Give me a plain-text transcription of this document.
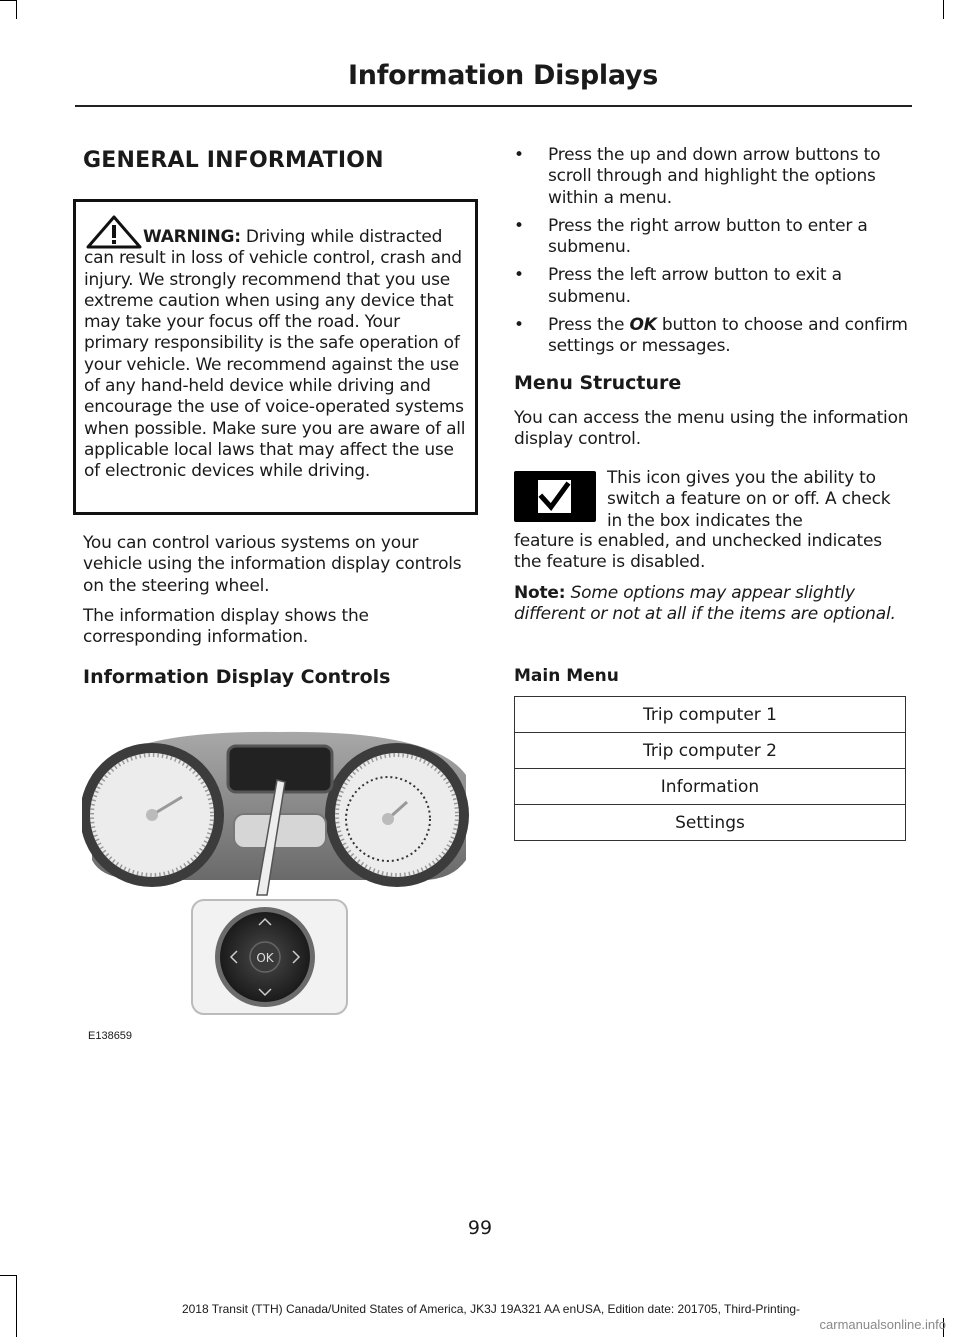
Information Displays
GENERAL INFORMATION
WARNING: Driving while distracted
can result in loss of vehicle control, crash and injury. We strongly recommend that you use extreme caution when using any device that may take your focus off the road. Your primary responsibility is the safe operation of your vehicle. We recommend against the use of any hand-held device while driving and encourage the use of voice-operated systems when possible. Make sure you are aware of all applicable local laws that may affect the use of electronic devices while driving.

You can control various systems on your vehicle using the information display controls on the steering wheel.

The information display shows the corresponding information.

Information Display Controls
OK
E138659
• Press the up and down arrow buttons to scroll through and highlight the options within a menu.
• Press the right arrow button to enter a submenu.
• Press the left arrow button to exit a submenu.
• Press the OK button to choose and confirm settings or messages.
Menu Structure

You can access the menu using the information display control.

This icon gives you the ability to switch a feature on or off. A check in the box indicates the

feature is enabled, and unchecked indicates the feature is disabled.

Note: Some options may appear slightly different or not at all if the items are optional.

Main Menu
Trip computer 1
Trip computer 2
Information
Settings
99
2018 Transit (TTH) Canada/United States of America, JK3J 19A321 AA enUSA, Edition date: 201705, Third-Printing-
carmanualsonline.info
